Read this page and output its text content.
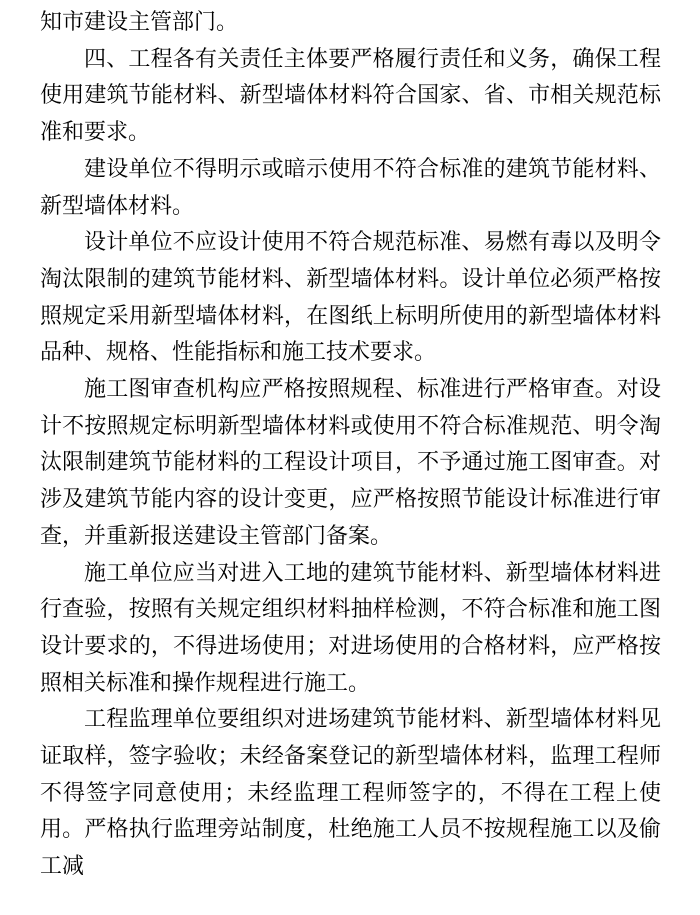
知市建设主管部门。

四、工程各有关责任主体要严格履行责任和义务，确保工程使用建筑节能材料、新型墙体材料符合国家、省、市相关规范标准和要求。

建设单位不得明示或暗示使用不符合标准的建筑节能材料、新型墙体材料。

设计单位不应设计使用不符合规范标准、易燃有毒以及明令淘汰限制的建筑节能材料、新型墙体材料。设计单位必须严格按照规定采用新型墙体材料，在图纸上标明所使用的新型墙体材料品种、规格、性能指标和施工技术要求。

施工图审查机构应严格按照规程、标准进行严格审查。对设计不按照规定标明新型墙体材料或使用不符合标准规范、明令淘汰限制建筑节能材料的工程设计项目，不予通过施工图审查。对涉及建筑节能内容的设计变更，应严格按照节能设计标准进行审查，并重新报送建设主管部门备案。

施工单位应当对进入工地的建筑节能材料、新型墙体材料进行查验，按照有关规定组织材料抽样检测，不符合标准和施工图设计要求的，不得进场使用；对进场使用的合格材料，应严格按照相关标准和操作规程进行施工。

工程监理单位要组织对进场建筑节能材料、新型墙体材料见证取样，签字验收；未经备案登记的新型墙体材料，监理工程师不得签字同意使用；未经监理工程师签字的，不得在工程上使用。严格执行监理旁站制度，杜绝施工人员不按规程施工以及偷工减
